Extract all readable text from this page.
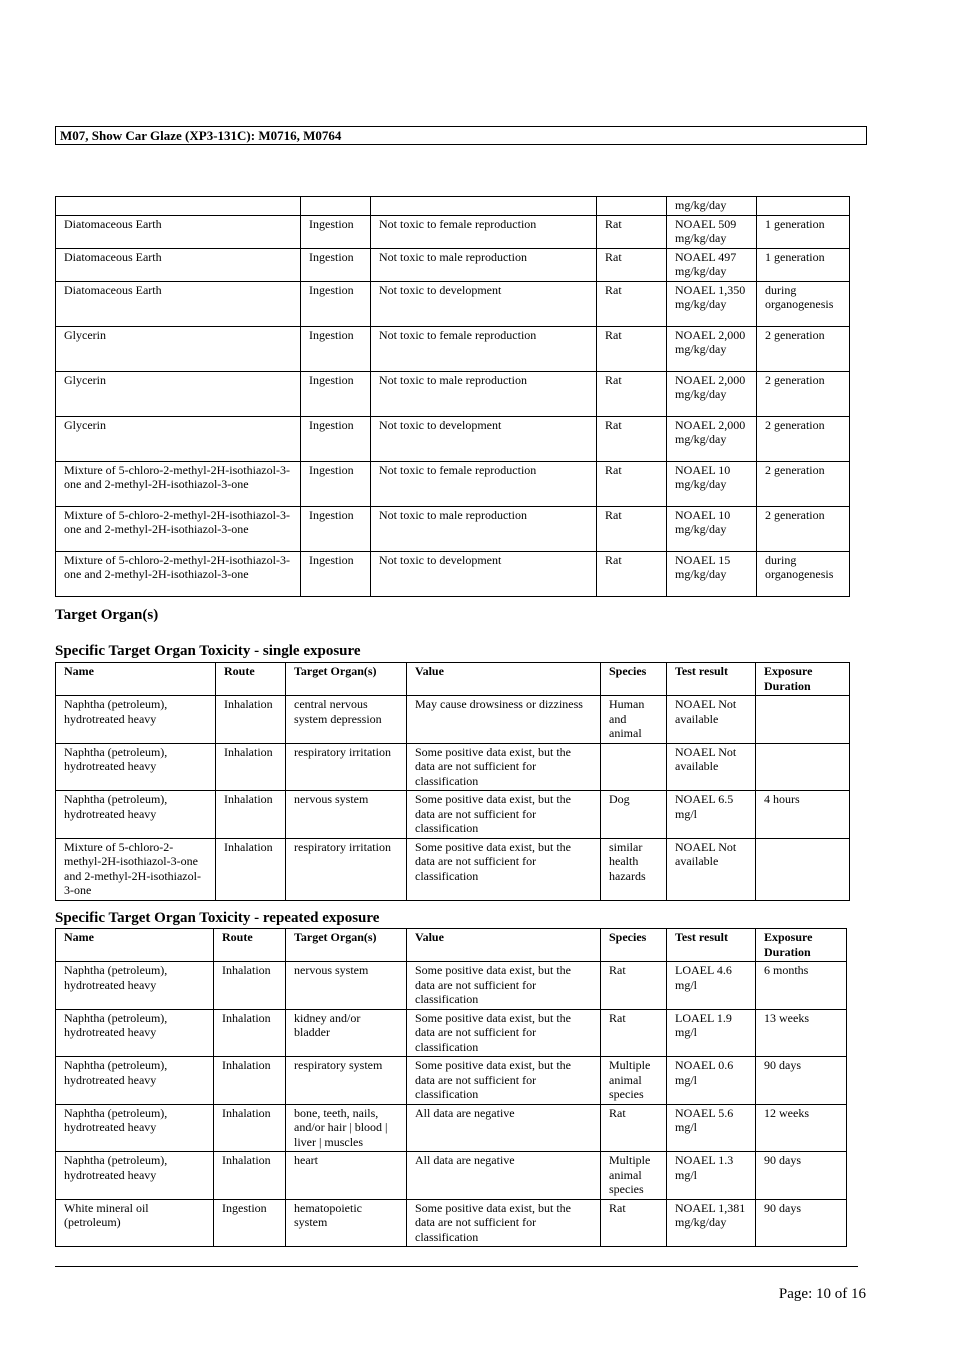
M07, Show Car Glaze (XP3-131C): M0716, M0764
				mg/kg/day	
Diatomaceous Earth	Ingestion	Not toxic to female reproduction	Rat	NOAEL 509 mg/kg/day	1 generation
Diatomaceous Earth	Ingestion	Not toxic to male reproduction	Rat	NOAEL 497 mg/kg/day	1 generation
Diatomaceous Earth	Ingestion	Not toxic to development	Rat	NOAEL 1,350 mg/kg/day	during organogenesis
Glycerin	Ingestion	Not toxic to female reproduction	Rat	NOAEL 2,000 mg/kg/day	2 generation
Glycerin	Ingestion	Not toxic to male reproduction	Rat	NOAEL 2,000 mg/kg/day	2 generation
Glycerin	Ingestion	Not toxic to development	Rat	NOAEL 2,000 mg/kg/day	2 generation
Mixture of 5-chloro-2-methyl-2H-isothiazol-3-one and 2-methyl-2H-isothiazol-3-one	Ingestion	Not toxic to female reproduction	Rat	NOAEL 10 mg/kg/day	2 generation
Mixture of 5-chloro-2-methyl-2H-isothiazol-3-one and 2-methyl-2H-isothiazol-3-one	Ingestion	Not toxic to male reproduction	Rat	NOAEL 10 mg/kg/day	2 generation
Mixture of 5-chloro-2-methyl-2H-isothiazol-3-one and 2-methyl-2H-isothiazol-3-one	Ingestion	Not toxic to development	Rat	NOAEL 15 mg/kg/day	during organogenesis
Target Organ(s)
Specific Target Organ Toxicity - single exposure
Name	Route	Target Organ(s)	Value	Species	Test result	Exposure Duration
Naphtha (petroleum), hydrotreated heavy	Inhalation	central nervous system depression	May cause drowsiness or dizziness	Human and animal	NOAEL Not available	
Naphtha (petroleum), hydrotreated heavy	Inhalation	respiratory irritation	Some positive data exist, but the data are not sufficient for classification		NOAEL Not available	
Naphtha (petroleum), hydrotreated heavy	Inhalation	nervous system	Some positive data exist, but the data are not sufficient for classification	Dog	NOAEL 6.5 mg/l	4 hours
Mixture of 5-chloro-2-methyl-2H-isothiazol-3-one and 2-methyl-2H-isothiazol-3-one	Inhalation	respiratory irritation	Some positive data exist, but the data are not sufficient for classification	similar health hazards	NOAEL Not available	
Specific Target Organ Toxicity - repeated exposure
Name	Route	Target Organ(s)	Value	Species	Test result	Exposure Duration
Naphtha (petroleum), hydrotreated heavy	Inhalation	nervous system	Some positive data exist, but the data are not sufficient for classification	Rat	LOAEL 4.6 mg/l	6 months
Naphtha (petroleum), hydrotreated heavy	Inhalation	kidney and/or bladder	Some positive data exist, but the data are not sufficient for classification	Rat	LOAEL 1.9 mg/l	13 weeks
Naphtha (petroleum), hydrotreated heavy	Inhalation	respiratory system	Some positive data exist, but the data are not sufficient for classification	Multiple animal species	NOAEL 0.6 mg/l	90 days
Naphtha (petroleum), hydrotreated heavy	Inhalation	bone, teeth, nails, and/or hair | blood | liver | muscles	All data are negative	Rat	NOAEL 5.6 mg/l	12 weeks
Naphtha (petroleum), hydrotreated heavy	Inhalation	heart	All data are negative	Multiple animal species	NOAEL 1.3 mg/l	90 days
White mineral oil (petroleum)	Ingestion	hematopoietic system	Some positive data exist, but the data are not sufficient for classification	Rat	NOAEL 1,381 mg/kg/day	90 days
Page: 10 of 16
